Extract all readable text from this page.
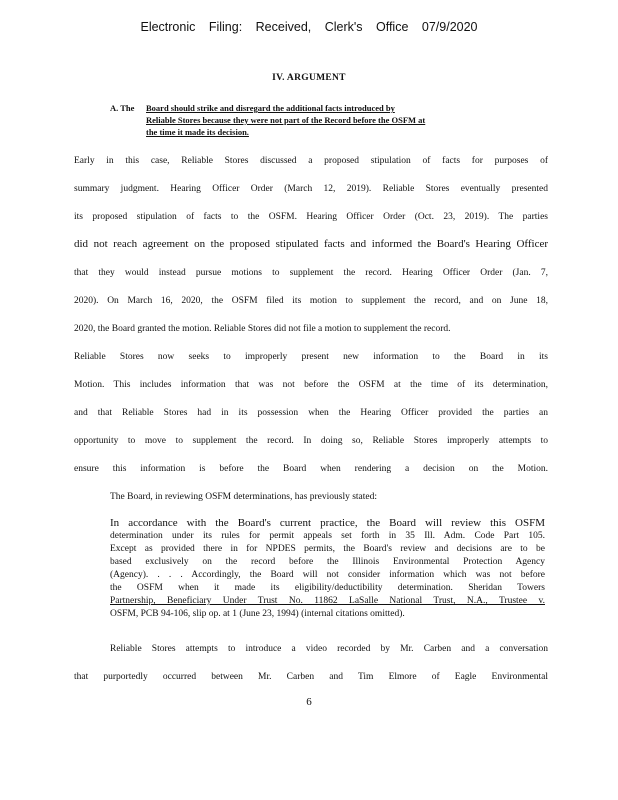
Electronic Filing: Received, Clerk's Office 07/9/2020
IV. ARGUMENT
A. The Board should strike and disregard the additional facts introduced by
Reliable Stores because they were not part of the Record before the OSFM at
the time it made its decision.
Early in this case, Reliable Stores discussed a proposed stipulation of facts for purposes of
summary judgment. Hearing Officer Order (March 12, 2019). Reliable Stores eventually presented
its proposed stipulation of facts to the OSFM. Hearing Officer Order (Oct. 23, 2019). The parties
did not reach agreement on the proposed stipulated facts and informed the Board's Hearing Officer
that they would instead pursue motions to supplement the record. Hearing Officer Order (Jan. 7,
2020). On March 16, 2020, the OSFM filed its motion to supplement the record, and on June 18,
2020, the Board granted the motion. Reliable Stores did not file a motion to supplement the record.
Reliable Stores now seeks to improperly present new information to the Board in its
Motion. This includes information that was not before the OSFM at the time of its determination,
and that Reliable Stores had in its possession when the Hearing Officer provided the parties an
opportunity to move to supplement the record. In doing so, Reliable Stores improperly attempts to
ensure this information is before the Board when rendering a decision on the Motion.
The Board, in reviewing OSFM determinations, has previously stated:
In accordance with the Board's current practice, the Board will review this OSFM
determination under its rules for permit appeals set forth in 35 Ill. Adm. Code Part 105.
Except as provided there in for NPDES permits, the Board's review and decisions are to be
based exclusively on the record before the Illinois Environmental Protection Agency
(Agency). . . . Accordingly, the Board will not consider information which was not before
the OSFM when it made its eligibility/deductibility determination. Sheridan Towers
Partnership, Beneficiary Under Trust No. 11862 LaSalle National Trust, N.A., Trustee v.
OSFM, PCB 94-106, slip op. at 1 (June 23, 1994) (internal citations omitted).
Reliable Stores attempts to introduce a video recorded by Mr. Carben and a conversation
that purportedly occurred between Mr. Carben and Tim Elmore of Eagle Environmental
6
